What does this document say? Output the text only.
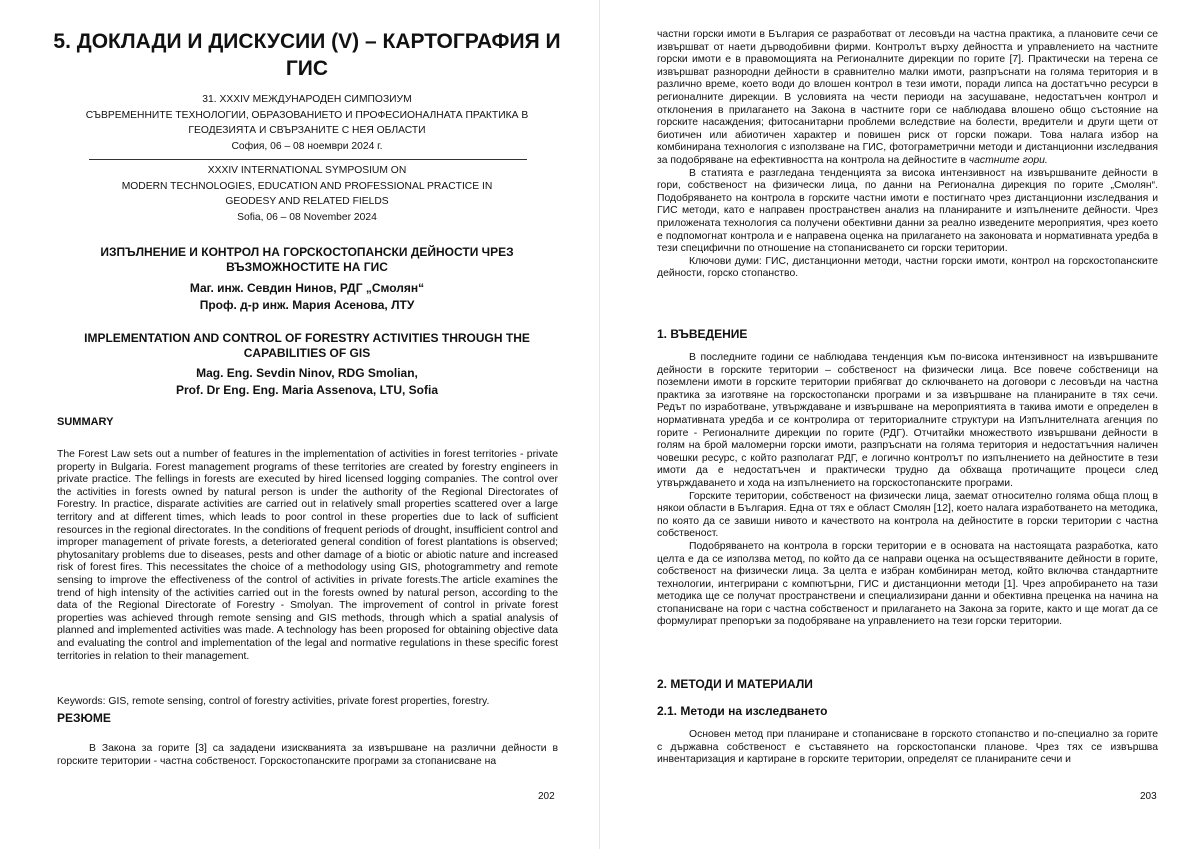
5. ДОКЛАДИ И ДИСКУСИИ (V) – КАРТОГРАФИЯ И ГИС
31. XXXIV МЕЖДУНАРОДЕН СИМПОЗИУМ
СЪВРЕМЕННИТЕ ТЕХНОЛОГИИ, ОБРАЗОВАНИЕТО И ПРОФЕСИОНАЛНАТА ПРАКТИКА В
ГЕОДЕЗИЯТА И СВЪРЗАНИТЕ С НЕЯ ОБЛАСТИ
София, 06 – 08 ноември 2024 г.
XXXIV INTERNATIONAL SYMPOSIUM ON
MODERN TECHNOLOGIES, EDUCATION AND PROFESSIONAL PRACTICE IN
GEODESY AND RELATED FIELDS
Sofia, 06 – 08 November 2024
ИЗПЪЛНЕНИЕ И КОНТРОЛ НА ГОРСКОСТОПАНСКИ ДЕЙНОСТИ ЧРЕЗ ВЪЗМОЖНОСТИТЕ НА ГИС
Маг. инж. Севдин Нинов, РДГ „Смолян“
Проф. д-р инж. Мария Асенова, ЛТУ
IMPLEMENTATION AND CONTROL OF FORESTRY ACTIVITIES THROUGH THE CAPABILITIES OF GIS
Mag. Eng. Sevdin Ninov, RDG Smolian,
Prof. Dr Eng. Eng. Maria Assenova, LTU, Sofia
SUMMARY

The Forest Law sets out a number of features in the implementation of activities in forest territories - private property in Bulgaria. Forest management programs of these territories are created by forestry engineers in private practice. The fellings in forests are executed by hired licensed logging companies. The control over the activities in forests owned by natural person is under the authority of the Regional Directorates of Forestry. In practice, disparate activities are carried out in relatively small properties scattered over a large territory and at different times, which leads to poor control in these properties due to lack of sufficient resources in the regional directorates. In the conditions of frequent periods of drought, insufficient control and improper management of private forests, a deteriorated general condition of forest plantations is observed; phytosanitary problems due to diseases, pests and other damage of a biotic or abiotic nature and increased risk of forest fires. This necessitates the choice of a methodology using GIS, photogrammetry and remote sensing to improve the effectiveness of the control of activities in private forests.The article examines the trend of high intensity of the activities carried out in the forests owned by natural person, according to the data of the Regional Directorate of Forestry - Smolyan. The improvement of control in private forest properties was achieved through remote sensing and GIS methods, through which a spatial analysis of planned and implemented activities was made. A technology has been proposed for obtaining objective data and evaluating the control and implementation of the legal and normative regulations in these specific forest territories in relation to their management.

Keywords: GIS, remote sensing, control of forestry activities, private forest properties, forestry.
РЕЗЮМЕ

В Закона за горите [3] са зададени изискванията за извършване на различни дейности в горските територии - частна собственост. Горскостопанските програми за стопанисване на

202

частни горски имоти в България се разработват от лесовъди на частна практика, а плановите сечи се извършват от наети дърводобивни фирми. Контролът върху дейността и управлението на частните горски имоти е в правомощията на Регионалните дирекции по горите [7]. Практически на терена се извършват разнородни дейности в сравнително малки имоти, разпръснати на голяма територия и в различно време, което води до влошен контрол в тези имоти, поради липса на достатъчно ресурси в регионалните дирекции. В условията на чести периоди на засушаване, недостатъчен контрол и отклонения в прилагането на Закона в частните гори се наблюдава влошено общо състояние на горските насаждения; фитосанитарни проблеми вследствие на болести, вредители и други щети от биотичен или абиотичен характер и повишен риск от горски пожари. Това налага избор на комбинирана технология с използване на ГИС, фотограметрични методи и дистанционни изследвания за подобряване на ефективността на контрола на дейностите в частните гори.

В статията е разгледана тенденцията за висока интензивност на извършваните дейности в гори, собственост на физически лица, по данни на Регионална дирекция по горите „Смолян“. Подобряването на контрола в горските частни имоти е постигнато чрез дистанционни изследвания и ГИС методи, като е направен пространствен анализ на планираните и изпълнените дейности. Чрез приложената технология са получени обективни данни за реално изведените мероприятия, чрез което е подпомогнат контрола и е направена оценка на прилагането на законовата и нормативната уредба в тези специфични по отношение на стопанисването си горски територии.

Ключови думи: ГИС, дистанционни методи, частни горски имоти, контрол на горскостопанските дейности, горско стопанство.

1. ВЪВЕДЕНИЕ

В последните години се наблюдава тенденция към по-висока интензивност на извършваните дейности в горските територии – собственост на физически лица. Все повече собственици на поземлени имоти в горските територии прибягват до сключването на договори с лесовъди на частна практика за изготвяне на горскостопански програми и за извършване на планираните в тях сечи. Редът по изработване, утвърждаване и извършване на мероприятията в такива имоти е определен в нормативната уредба и се контролира от териториалните структури на Изпълнителната агенция по горите - Регионалните дирекции по горите (РДГ). Отчитайки множеството извършвани дейности в голям на брой маломерни горски имоти, разпръснати на голяма територия и недостатъчния наличен човешки ресурс, с който разполагат РДГ, е логично контролът по изпълнението на дейностите в тези имоти да е недостатъчен и практически трудно да обхваща протичащите процеси след утвърждаването и хода на изпълнението на горскостопанските програми.

Горските територии, собственост на физически лица, заемат относително голяма обща площ в някои области в България. Една от тях е област Смолян [12], което налага изработването на методика, по която да се завиши нивото и качеството на контрола на дейностите в горски територии с частна собственост.

Подобряването на контрола в горски територии е в основата на настоящата разработка, като целта е да се използва метод, по който да се направи оценка на осъществяваните дейности в горите, собственост на физически лица. За целта е избран комбиниран метод, който включва стандартните технологии, интегрирани с компютърни, ГИС и дистанционни методи [1]. Чрез апробирането на тази методика ще се получат пространствени и специализирани данни и обективна преценка на начина на стопанисване на гори с частна собственост и прилагането на Закона за горите, както и ще могат да се формулират препоръки за подобряване на управлението на тези горски територии.

2. МЕТОДИ И МАТЕРИАЛИ
2.1. Методи на изследването

Основен метод при планиране и стопанисване в горското стопанство и по-специално за горите с държавна собственост е съставянето на горскостопански планове. Чрез тях се извършва инвентаризация и картиране в горските територии, определят се планираните сечи и

203
